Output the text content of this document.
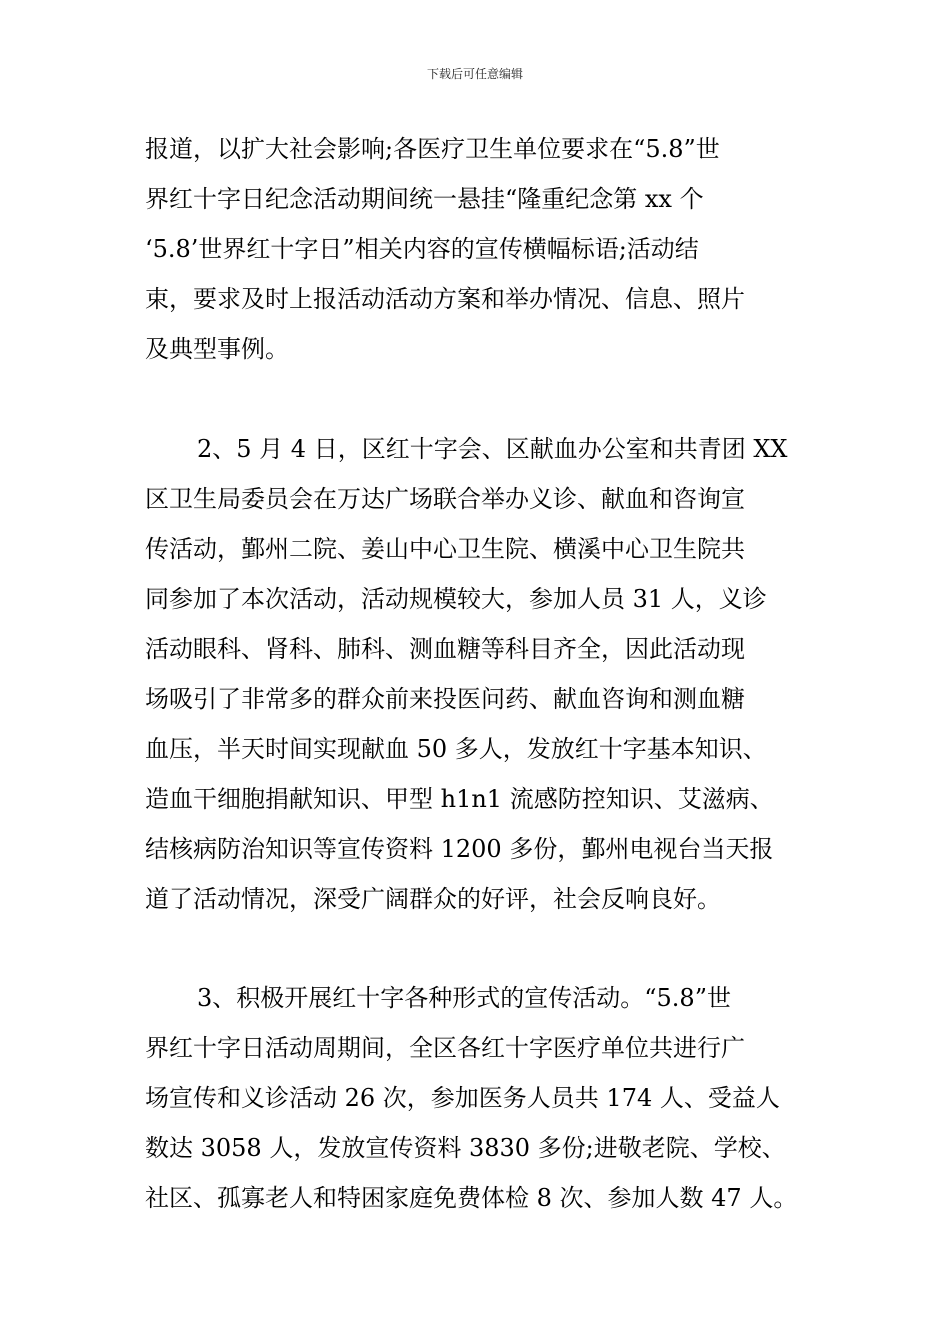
下载后可任意编辑
报道，以扩大社会影响;各医疗卫生单位要求在“5.8”世
界红十字日纪念活动期间统一悬挂“隆重纪念第 xx 个
‘5.8’世界红十字日”相关内容的宣传横幅标语;活动结
束，要求及时上报活动活动方案和举办情况、信息、照片
及典型事例。
2、5 月 4 日，区红十字会、区献血办公室和共青团 XX
区卫生局委员会在万达广场联合举办义诊、献血和咨询宣
传活动，鄞州二院、姜山中心卫生院、横溪中心卫生院共
同参加了本次活动，活动规模较大，参加人员 31 人，义诊
活动眼科、肾科、肺科、测血糖等科目齐全，因此活动现
场吸引了非常多的群众前来投医问药、献血咨询和测血糖
血压，半天时间实现献血 50 多人，发放红十字基本知识、
造血干细胞捐献知识、甲型 h1n1 流感防控知识、艾滋病、
结核病防治知识等宣传资料 1200 多份，鄞州电视台当天报
道了活动情况，深受广阔群众的好评，社会反响良好。
3、积极开展红十字各种形式的宣传活动。“5.8”世
界红十字日活动周期间，全区各红十字医疗单位共进行广
场宣传和义诊活动 26 次，参加医务人员共 174 人、受益人
数达 3058 人，发放宣传资料 3830 多份;进敬老院、学校、
社区、孤寡老人和特困家庭免费体检 8 次、参加人数 47 人。
